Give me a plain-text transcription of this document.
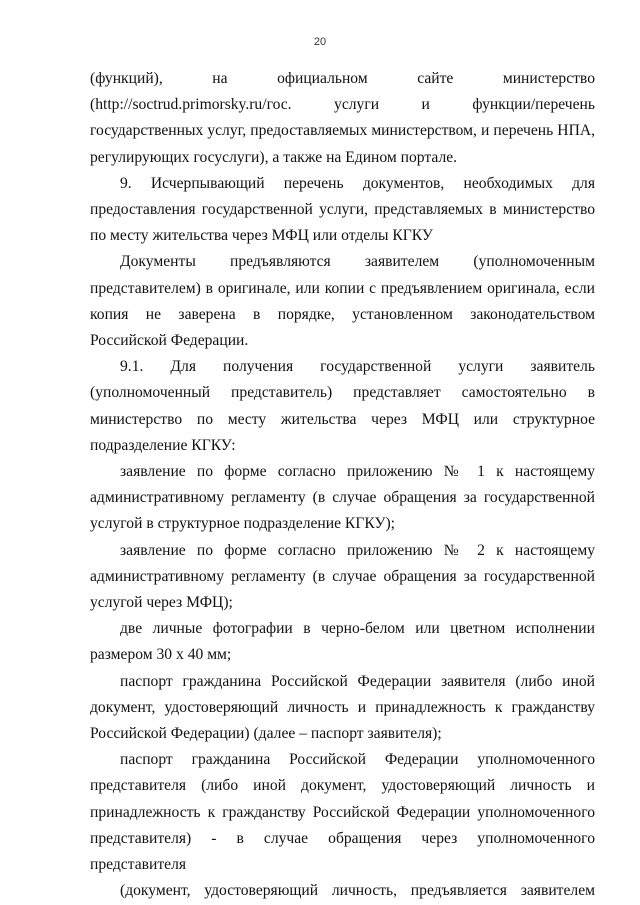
20

(функций), на официальном сайте министерство
(http://soctrud.primorsky.ru/гос. услуги и функции/перечень государственных услуг, предоставляемых министерством, и перечень НПА, регулирующих госуслуги), а также на Едином портале.

9. Исчерпывающий перечень документов, необходимых для
предоставления государственной услуги, представляемых в министерство по месту жительства через МФЦ или отделы КГКУ

Документы предъявляются заявителем (уполномоченным
представителем) в оригинале, или копии с предъявлением оригинала, если копия не заверена в порядке, установленном законодательством Российской Федерации.

9.1. Для получения государственной услуги заявитель (уполномоченный представитель) представляет самостоятельно в министерство по месту жительства через МФЦ или структурное подразделение КГКУ:

заявление по форме согласно приложению № 1 к настоящему административному регламенту (в случае обращения за государственной услугой в структурное подразделение КГКУ);

заявление по форме согласно приложению № 2 к настоящему административному регламенту (в случае обращения за государственной услугой через МФЦ);

две личные фотографии в черно-белом или цветном исполнении размером 30 х 40 мм;

паспорт гражданина Российской Федерации заявителя (либо иной документ, удостоверяющий личность и принадлежность к гражданству Российской Федерации) (далее – паспорт заявителя);

паспорт гражданина Российской Федерации уполномоченного представителя (либо иной документ, удостоверяющий личность и принадлежность к гражданству Российской Федерации уполномоченного представителя) - в случае обращения через уполномоченного представителя
(документ, удостоверяющий личность, предъявляется заявителем
